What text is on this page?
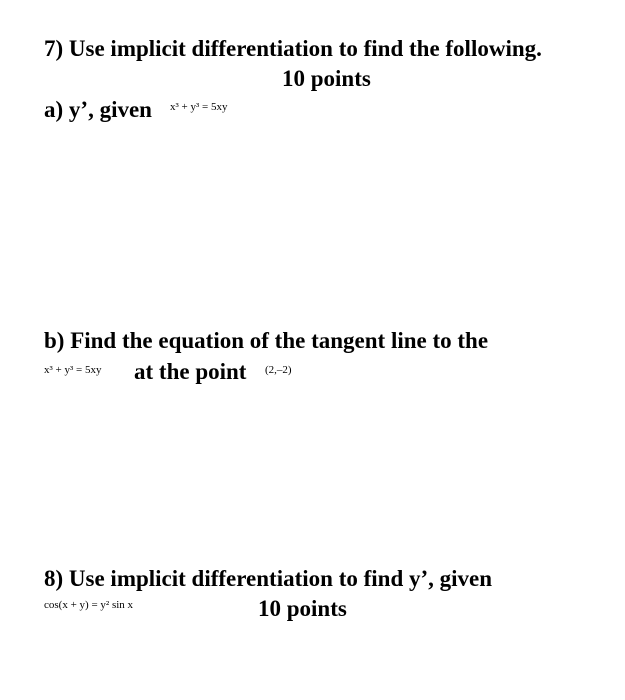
7) Use implicit differentiation to find the following.
10 points
a) y’, given x³ + y³ = 5xy
b) Find the equation of the tangent line to the
x³ + y³ = 5xy at the point (2,–2)
8) Use implicit differentiation to find y’, given
cos(x + y) = y² sin x	10 points
